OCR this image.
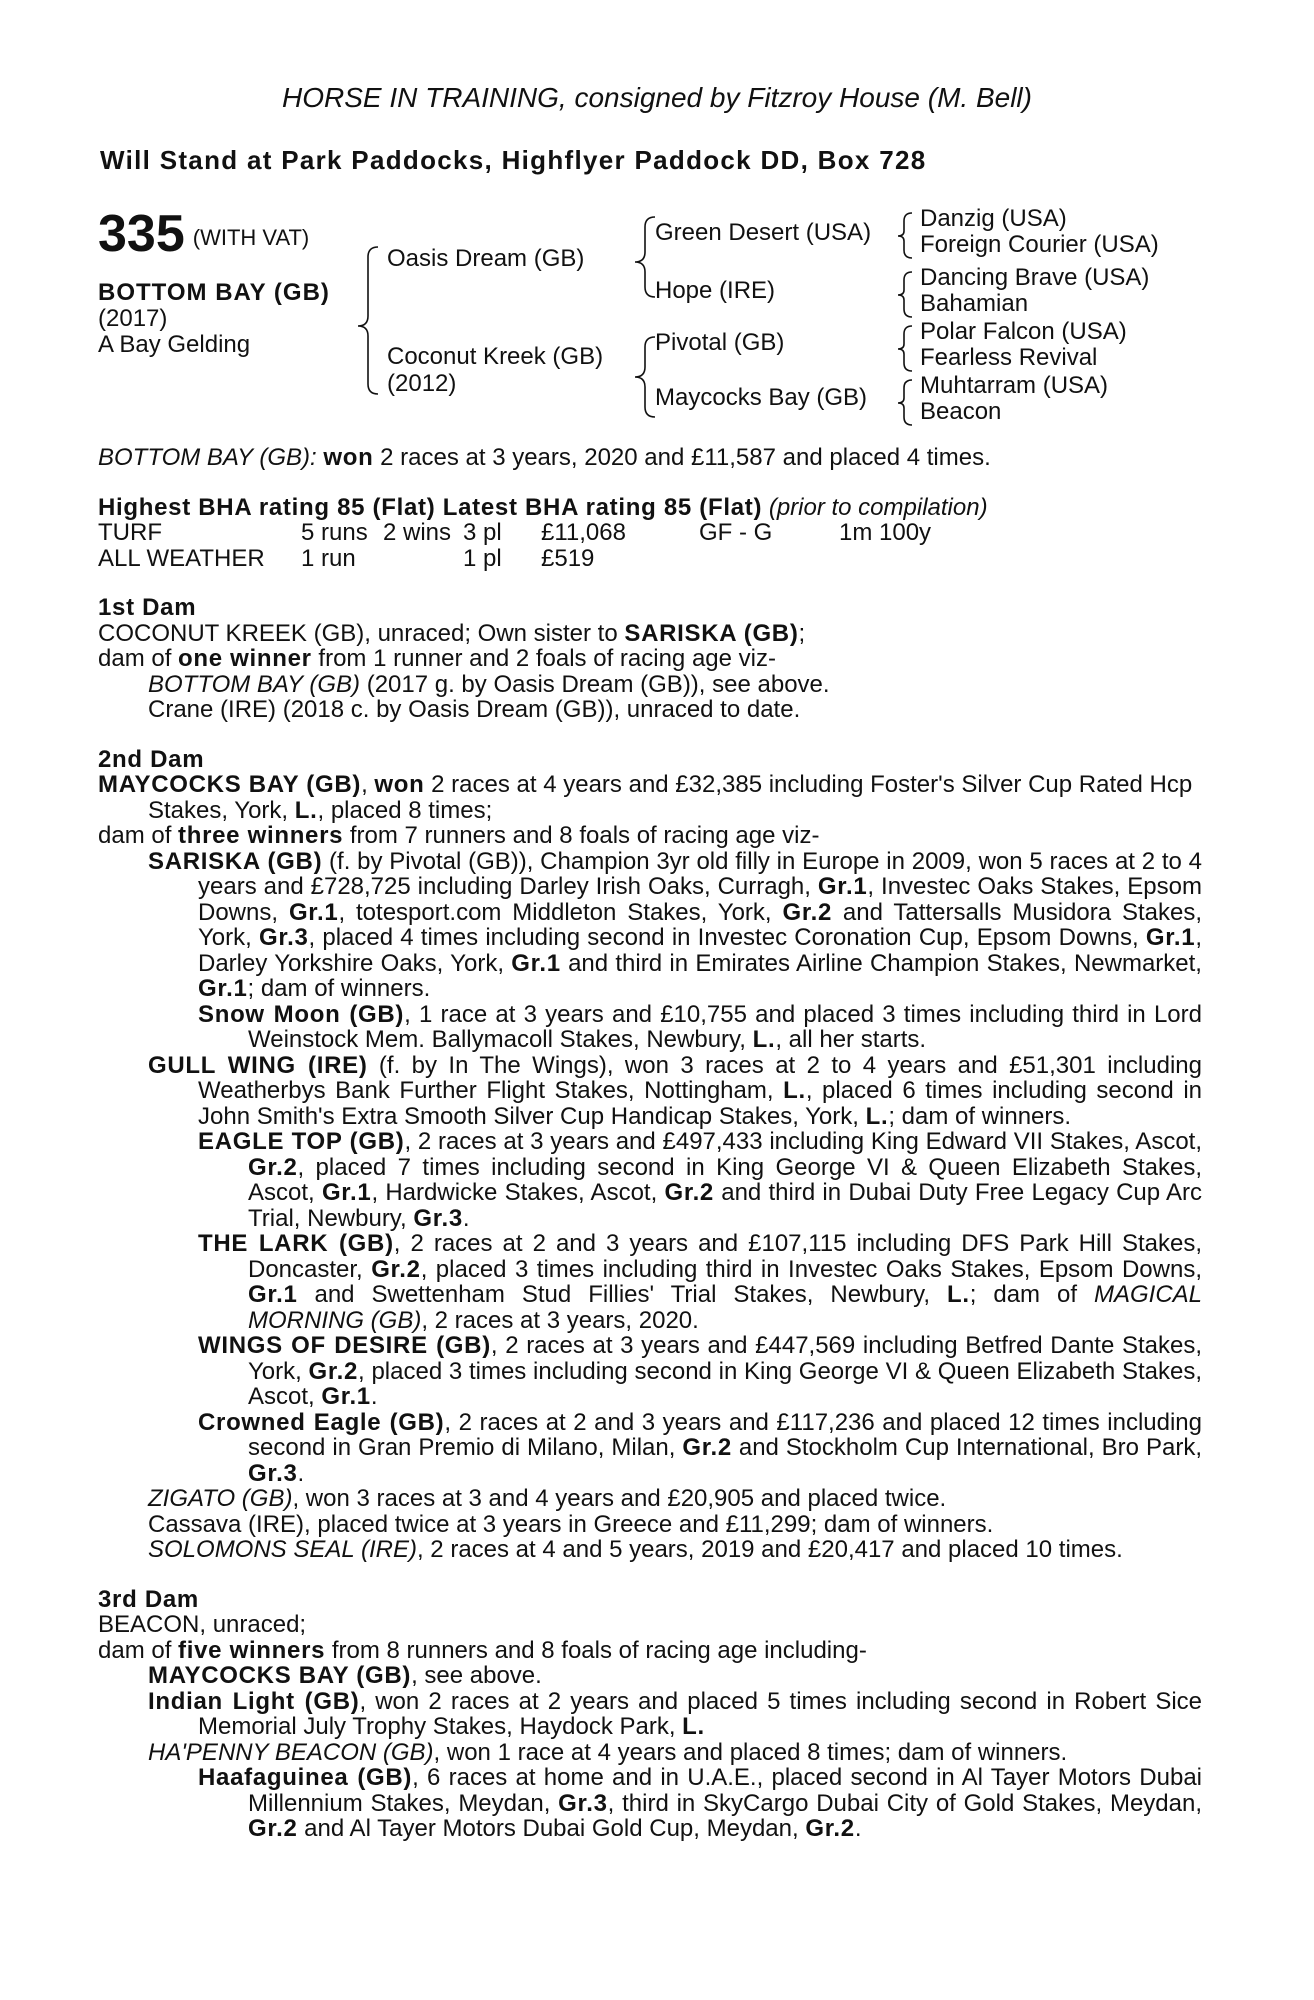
HORSE IN TRAINING, consigned by Fitzroy House (M. Bell)
Will Stand at Park Paddocks, Highflyer Paddock DD, Box 728
335 (WITH VAT)
BOTTOM BAY (GB)
(2017)
A Bay Gelding
Oasis Dream (GB)
Coconut Kreek (GB)
(2012)
Green Desert (USA)
Hope (IRE)
Pivotal (GB)
Maycocks Bay (GB)
Danzig (USA)
Foreign Courier (USA)
Dancing Brave (USA)
Bahamian
Polar Falcon (USA)
Fearless Revival
Muhtarram (USA)
Beacon

BOTTOM BAY (GB): won 2 races at 3 years, 2020 and £11,587 and placed 4 times.

Highest BHA rating 85 (Flat) Latest BHA rating 85 (Flat) (prior to compilation)

TURF	5 runs 2 wins 3 pl	£11,068	GF - G	1m 100y
ALL WEATHER	1 run	1 pl	£519

1st Dam

COCONUT KREEK (GB), unraced; Own sister to SARISKA (GB);

dam of one winner from 1 runner and 2 foals of racing age viz-

BOTTOM BAY (GB) (2017 g. by Oasis Dream (GB)), see above.

Crane (IRE) (2018 c. by Oasis Dream (GB)), unraced to date.

2nd Dam

MAYCOCKS BAY (GB), won 2 races at 4 years and £32,385 including Foster's Silver Cup Rated Hcp Stakes, York, L., placed 8 times;

dam of three winners from 7 runners and 8 foals of racing age viz-

SARISKA (GB) (f. by Pivotal (GB)), Champion 3yr old filly in Europe in 2009, won 5 races at 2 to 4 years and £728,725 including Darley Irish Oaks, Curragh, Gr.1, Investec Oaks Stakes, Epsom Downs, Gr.1, totesport.com Middleton Stakes, York, Gr.2 and Tattersalls Musidora Stakes, York, Gr.3, placed 4 times including second in Investec Coronation Cup, Epsom Downs, Gr.1, Darley Yorkshire Oaks, York, Gr.1 and third in Emirates Airline Champion Stakes, Newmarket, Gr.1; dam of winners.

Snow Moon (GB), 1 race at 3 years and £10,755 and placed 3 times including third in Lord Weinstock Mem. Ballymacoll Stakes, Newbury, L., all her starts.

GULL WING (IRE) (f. by In The Wings), won 3 races at 2 to 4 years and £51,301 including Weatherbys Bank Further Flight Stakes, Nottingham, L., placed 6 times including second in John Smith's Extra Smooth Silver Cup Handicap Stakes, York, L.; dam of winners.

EAGLE TOP (GB), 2 races at 3 years and £497,433 including King Edward VII Stakes, Ascot, Gr.2, placed 7 times including second in King George VI & Queen Elizabeth Stakes, Ascot, Gr.1, Hardwicke Stakes, Ascot, Gr.2 and third in Dubai Duty Free Legacy Cup Arc Trial, Newbury, Gr.3.

THE LARK (GB), 2 races at 2 and 3 years and £107,115 including DFS Park Hill Stakes, Doncaster, Gr.2, placed 3 times including third in Investec Oaks Stakes, Epsom Downs, Gr.1 and Swettenham Stud Fillies' Trial Stakes, Newbury, L.; dam of MAGICAL MORNING (GB), 2 races at 3 years, 2020.

WINGS OF DESIRE (GB), 2 races at 3 years and £447,569 including Betfred Dante Stakes, York, Gr.2, placed 3 times including second in King George VI & Queen Elizabeth Stakes, Ascot, Gr.1.

Crowned Eagle (GB), 2 races at 2 and 3 years and £117,236 and placed 12 times including second in Gran Premio di Milano, Milan, Gr.2 and Stockholm Cup International, Bro Park, Gr.3.

ZIGATO (GB), won 3 races at 3 and 4 years and £20,905 and placed twice.

Cassava (IRE), placed twice at 3 years in Greece and £11,299; dam of winners.

SOLOMONS SEAL (IRE), 2 races at 4 and 5 years, 2019 and £20,417 and placed 10 times.

3rd Dam

BEACON, unraced;

dam of five winners from 8 runners and 8 foals of racing age including-

MAYCOCKS BAY (GB), see above.

Indian Light (GB), won 2 races at 2 years and placed 5 times including second in Robert Sice Memorial July Trophy Stakes, Haydock Park, L.

HA'PENNY BEACON (GB), won 1 race at 4 years and placed 8 times; dam of winners.

Haafaguinea (GB), 6 races at home and in U.A.E., placed second in Al Tayer Motors Dubai Millennium Stakes, Meydan, Gr.3, third in SkyCargo Dubai City of Gold Stakes, Meydan, Gr.2 and Al Tayer Motors Dubai Gold Cup, Meydan, Gr.2.
